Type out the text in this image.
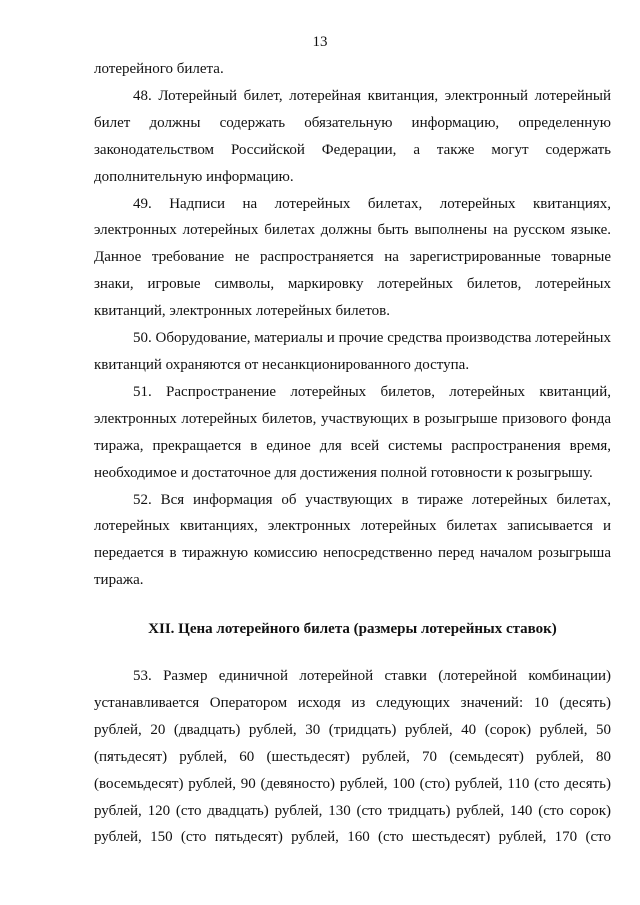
13

лотерейного билета.

48. Лотерейный билет, лотерейная квитанция, электронный лотерейный билет должны содержать обязательную информацию, определенную законодательством Российской Федерации, а также могут содержать дополнительную информацию.

49. Надписи на лотерейных билетах, лотерейных квитанциях, электронных лотерейных билетах должны быть выполнены на русском языке. Данное требование не распространяется на зарегистрированные товарные знаки, игровые символы, маркировку лотерейных билетов, лотерейных квитанций, электронных лотерейных билетов.

50. Оборудование, материалы и прочие средства производства лотерейных квитанций охраняются от несанкционированного доступа.

51. Распространение лотерейных билетов, лотерейных квитанций, электронных лотерейных билетов, участвующих в розыгрыше призового фонда тиража, прекращается в единое для всей системы распространения время, необходимое и достаточное для достижения полной готовности к розыгрышу.

52. Вся информация об участвующих в тираже лотерейных билетах, лотерейных квитанциях, электронных лотерейных билетах записывается и передается в тиражную комиссию непосредственно перед началом розыгрыша тиража.

XII. Цена лотерейного билета (размеры лотерейных ставок)

53. Размер единичной лотерейной ставки (лотерейной комбинации) устанавливается Оператором исходя из следующих значений: 10 (десять) рублей, 20 (двадцать) рублей, 30 (тридцать) рублей, 40 (сорок) рублей, 50 (пятьдесят) рублей, 60 (шестьдесят) рублей, 70 (семьдесят) рублей, 80 (восемьдесят) рублей, 90 (девяносто) рублей, 100 (сто) рублей, 110 (сто десять) рублей, 120 (сто двадцать) рублей, 130 (сто тридцать) рублей, 140 (сто сорок) рублей, 150 (сто пятьдесят) рублей, 160 (сто шестьдесят) рублей, 170 (сто
